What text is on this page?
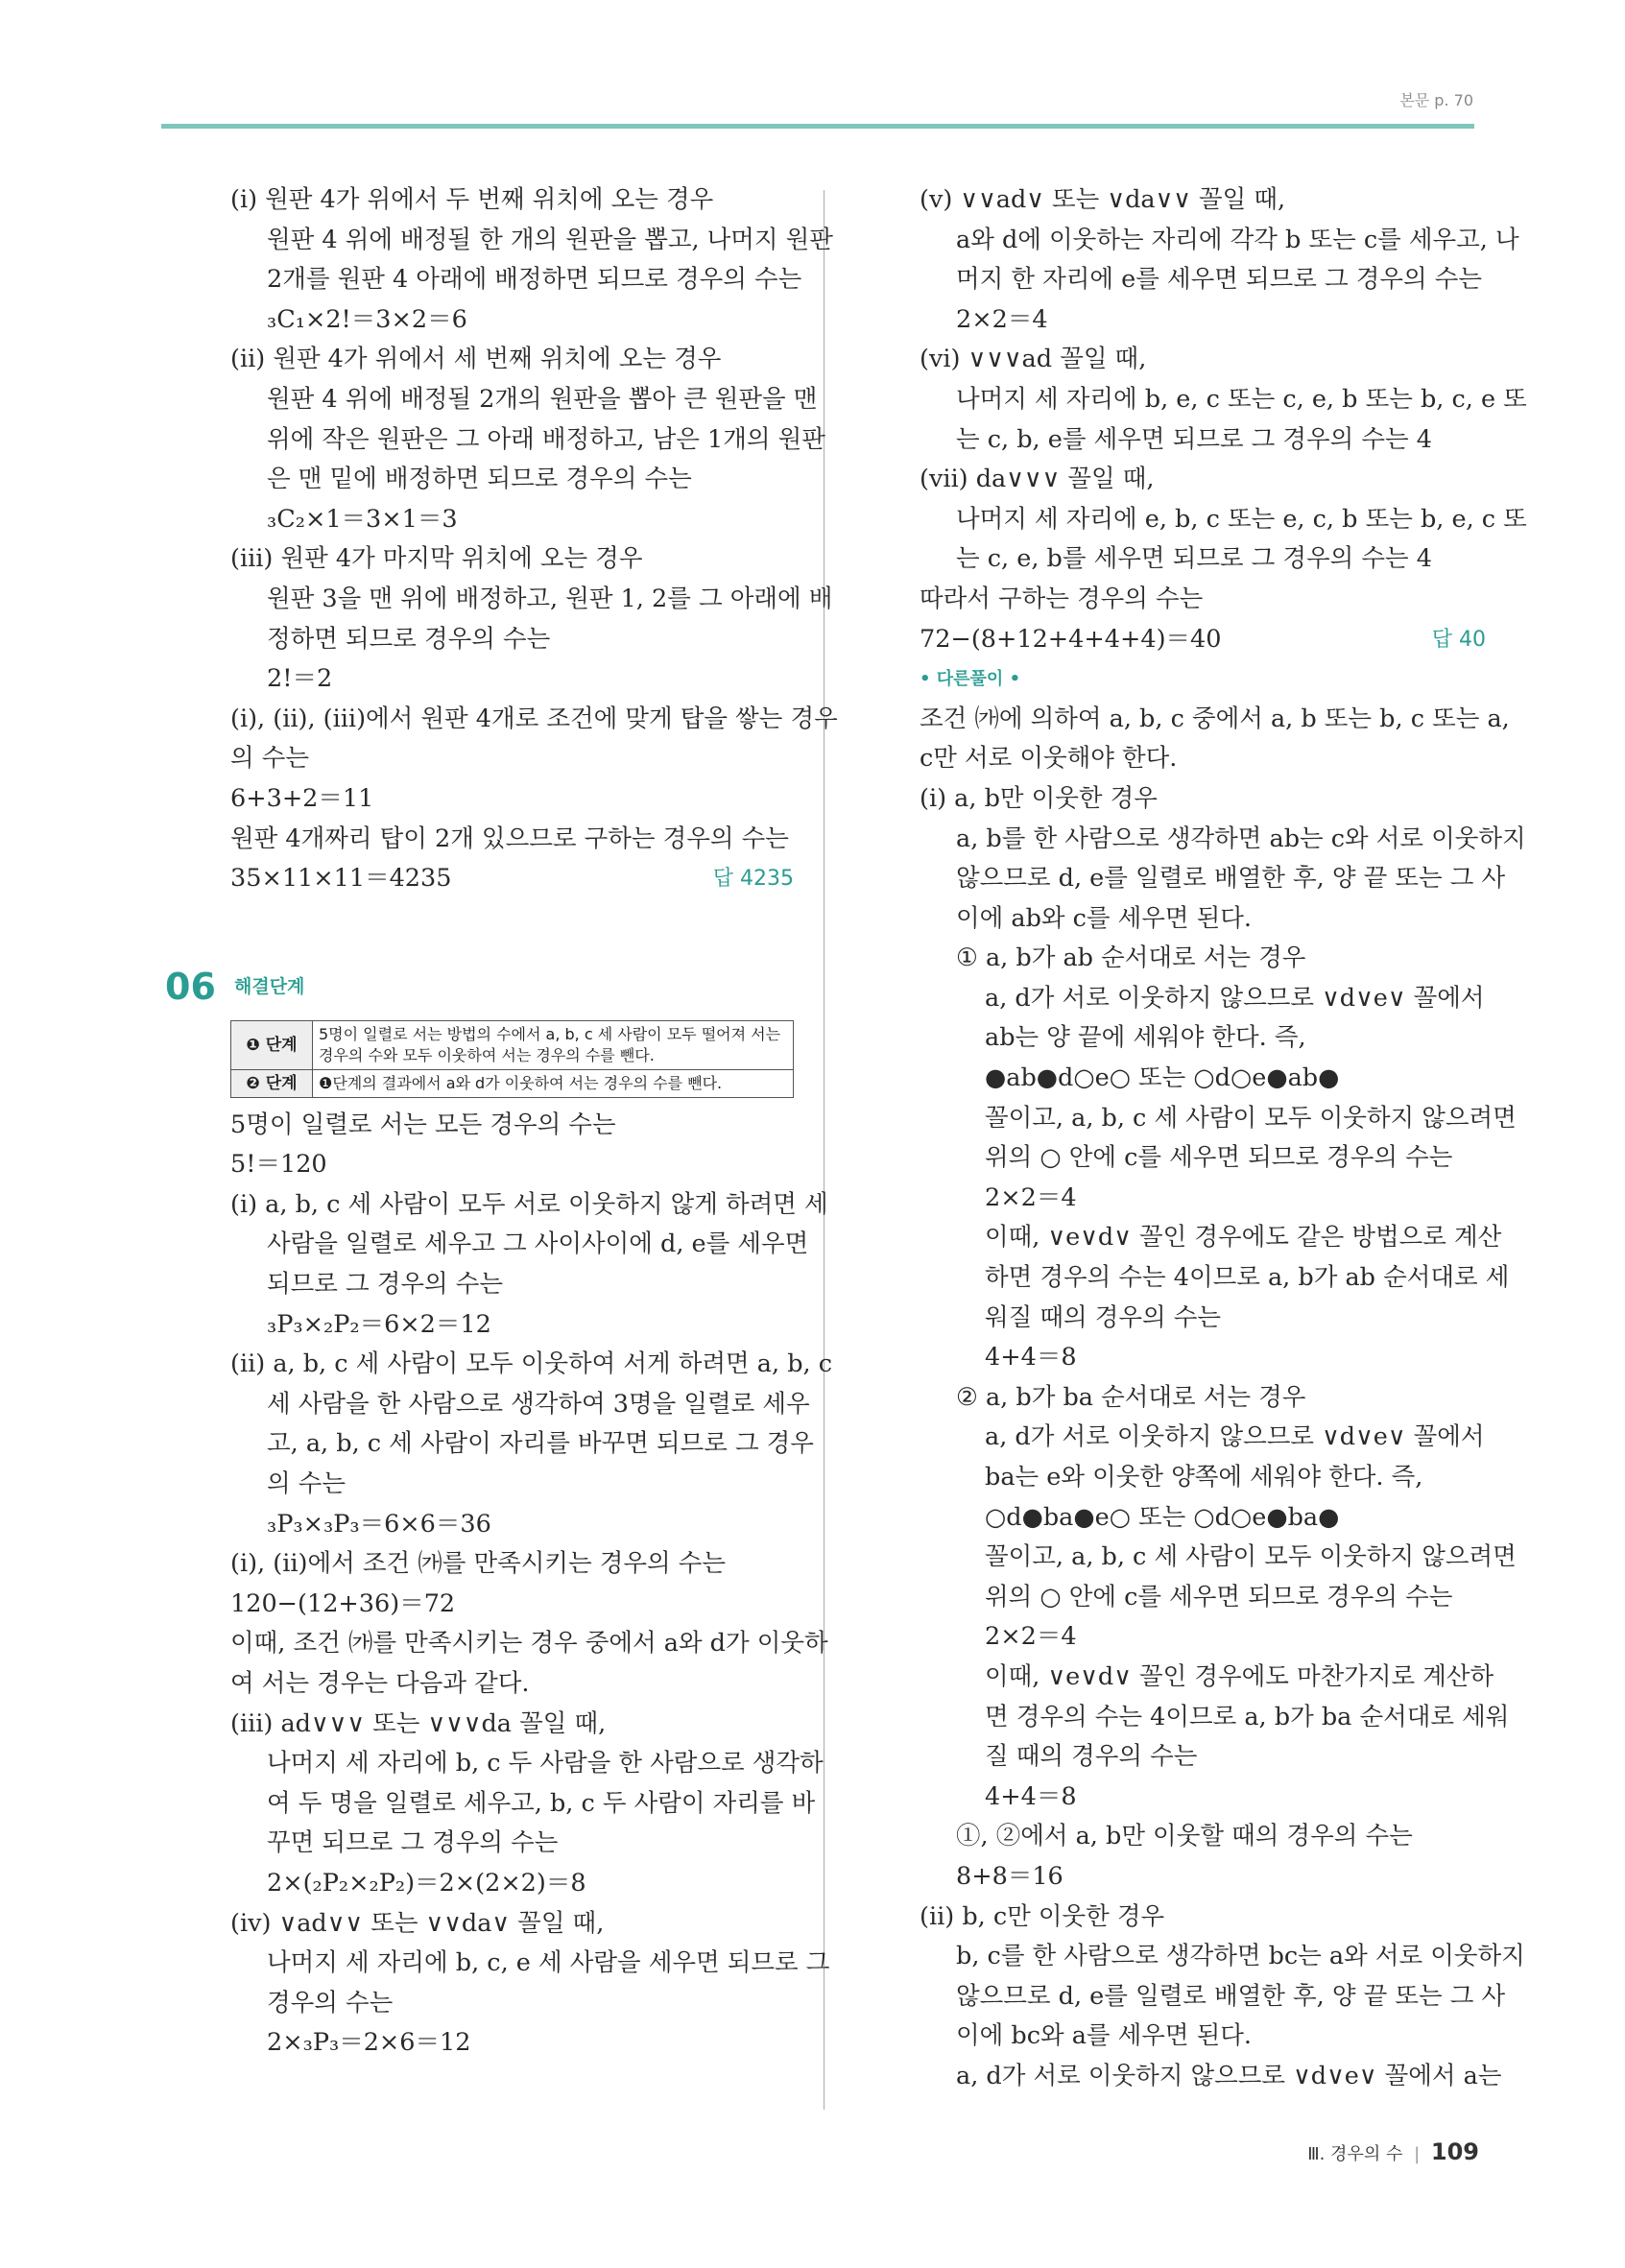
본문 p. 70
(ⅰ) 원판 4가 위에서 두 번째 위치에 오는 경우
원판 4 위에 배정될 한 개의 원판을 뽑고, 나머지 원판
2개를 원판 4 아래에 배정하면 되므로 경우의 수는
₃C₁×2!＝3×2＝6
(ⅱ) 원판 4가 위에서 세 번째 위치에 오는 경우
원판 4 위에 배정될 2개의 원판을 뽑아 큰 원판을 맨
위에 작은 원판은 그 아래 배정하고, 남은 1개의 원판
은 맨 밑에 배정하면 되므로 경우의 수는
₃C₂×1＝3×1＝3
(ⅲ) 원판 4가 마지막 위치에 오는 경우
원판 3을 맨 위에 배정하고, 원판 1, 2를 그 아래에 배
정하면 되므로 경우의 수는
2!＝2
(ⅰ), (ⅱ), (ⅲ)에서 원판 4개로 조건에 맞게 탑을 쌓는 경우
의 수는
6+3+2＝11
원판 4개짜리 탑이 2개 있으므로 구하는 경우의 수는
35×11×11＝4235	답 4235
06 해결단계
❶ 단계	5명이 일렬로 서는 방법의 수에서 a, b, c 세 사람이 모두 떨어져 서는 경우의 수와 모두 이웃하여 서는 경우의 수를 뺀다.
❷ 단계	❶단계의 결과에서 a와 d가 이웃하여 서는 경우의 수를 뺀다.
5명이 일렬로 서는 모든 경우의 수는
5!＝120
(ⅰ) a, b, c 세 사람이 모두 서로 이웃하지 않게 하려면 세
사람을 일렬로 세우고 그 사이사이에 d, e를 세우면
되므로 그 경우의 수는
₃P₃×₂P₂＝6×2＝12
(ⅱ) a, b, c 세 사람이 모두 이웃하여 서게 하려면 a, b, c
세 사람을 한 사람으로 생각하여 3명을 일렬로 세우
고, a, b, c 세 사람이 자리를 바꾸면 되므로 그 경우
의 수는
₃P₃×₃P₃＝6×6＝36
(ⅰ), (ⅱ)에서 조건 ㈎를 만족시키는 경우의 수는
120−(12+36)＝72
이때, 조건 ㈎를 만족시키는 경우 중에서 a와 d가 이웃하
여 서는 경우는 다음과 같다.
(ⅲ) ad∨∨∨ 또는 ∨∨∨da 꼴일 때,
나머지 세 자리에 b, c 두 사람을 한 사람으로 생각하
여 두 명을 일렬로 세우고, b, c 두 사람이 자리를 바
꾸면 되므로 그 경우의 수는
2×(₂P₂×₂P₂)＝2×(2×2)＝8
(ⅳ) ∨ad∨∨ 또는 ∨∨da∨ 꼴일 때,
나머지 세 자리에 b, c, e 세 사람을 세우면 되므로 그
경우의 수는
2×₃P₃＝2×6＝12
(ⅴ) ∨∨ad∨ 또는 ∨da∨∨ 꼴일 때,
a와 d에 이웃하는 자리에 각각 b 또는 c를 세우고, 나
머지 한 자리에 e를 세우면 되므로 그 경우의 수는
2×2＝4
(ⅵ) ∨∨∨ad 꼴일 때,
나머지 세 자리에 b, e, c 또는 c, e, b 또는 b, c, e 또
는 c, b, e를 세우면 되므로 그 경우의 수는 4
(ⅶ) da∨∨∨ 꼴일 때,
나머지 세 자리에 e, b, c 또는 e, c, b 또는 b, e, c 또
는 c, e, b를 세우면 되므로 그 경우의 수는 4
따라서 구하는 경우의 수는
72−(8+12+4+4+4)＝40	답 40
• 다른풀이 •
조건 ㈎에 의하여 a, b, c 중에서 a, b 또는 b, c 또는 a,
c만 서로 이웃해야 한다.
(ⅰ) a, b만 이웃한 경우
a, b를 한 사람으로 생각하면 ab는 c와 서로 이웃하지
않으므로 d, e를 일렬로 배열한 후, 양 끝 또는 그 사
이에 ab와 c를 세우면 된다.
① a, b가 ab 순서대로 서는 경우
a, d가 서로 이웃하지 않으므로 ∨d∨e∨ 꼴에서
ab는 양 끝에 세워야 한다. 즉,
●ab●d○e○ 또는 ○d○e●ab●
꼴이고, a, b, c 세 사람이 모두 이웃하지 않으려면
위의 ○ 안에 c를 세우면 되므로 경우의 수는
2×2＝4
이때, ∨e∨d∨ 꼴인 경우에도 같은 방법으로 계산
하면 경우의 수는 4이므로 a, b가 ab 순서대로 세
워질 때의 경우의 수는
4+4＝8
② a, b가 ba 순서대로 서는 경우
a, d가 서로 이웃하지 않으므로 ∨d∨e∨ 꼴에서
ba는 e와 이웃한 양쪽에 세워야 한다. 즉,
○d●ba●e○ 또는 ○d○e●ba●
꼴이고, a, b, c 세 사람이 모두 이웃하지 않으려면
위의 ○ 안에 c를 세우면 되므로 경우의 수는
2×2＝4
이때, ∨e∨d∨ 꼴인 경우에도 마찬가지로 계산하
면 경우의 수는 4이므로 a, b가 ba 순서대로 세워
질 때의 경우의 수는
4+4＝8
①, ②에서 a, b만 이웃할 때의 경우의 수는
8+8＝16
(ⅱ) b, c만 이웃한 경우
b, c를 한 사람으로 생각하면 bc는 a와 서로 이웃하지
않으므로 d, e를 일렬로 배열한 후, 양 끝 또는 그 사
이에 bc와 a를 세우면 된다.
a, d가 서로 이웃하지 않으므로 ∨d∨e∨ 꼴에서 a는
Ⅲ. 경우의 수 | 109
